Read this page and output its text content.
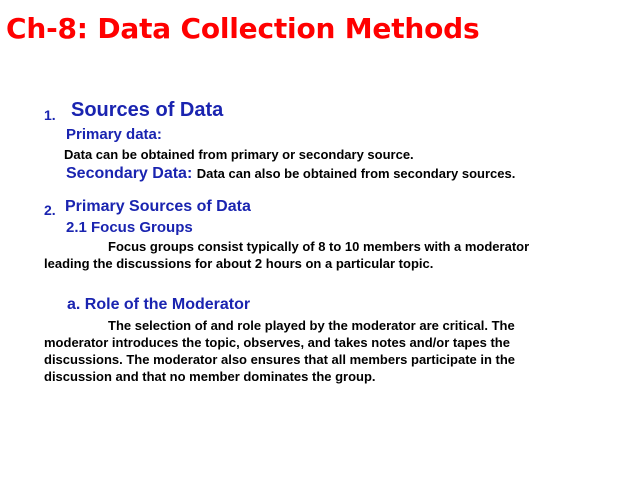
Ch-8: Data Collection Methods
1. Sources of Data
Primary data:
Data can be obtained from primary or secondary source.
Secondary Data: Data can also be obtained from secondary sources.
2. Primary Sources of Data
2.1 Focus Groups
Focus groups consist typically of 8 to 10 members with a moderator
leading the discussions for about 2 hours on a particular topic.
a. Role of the Moderator
The selection of and role played by the moderator are critical. The
moderator introduces the topic, observes, and takes notes and/or tapes the
discussions. The moderator also ensures that all members participate in the
discussion and that no member dominates the group.
